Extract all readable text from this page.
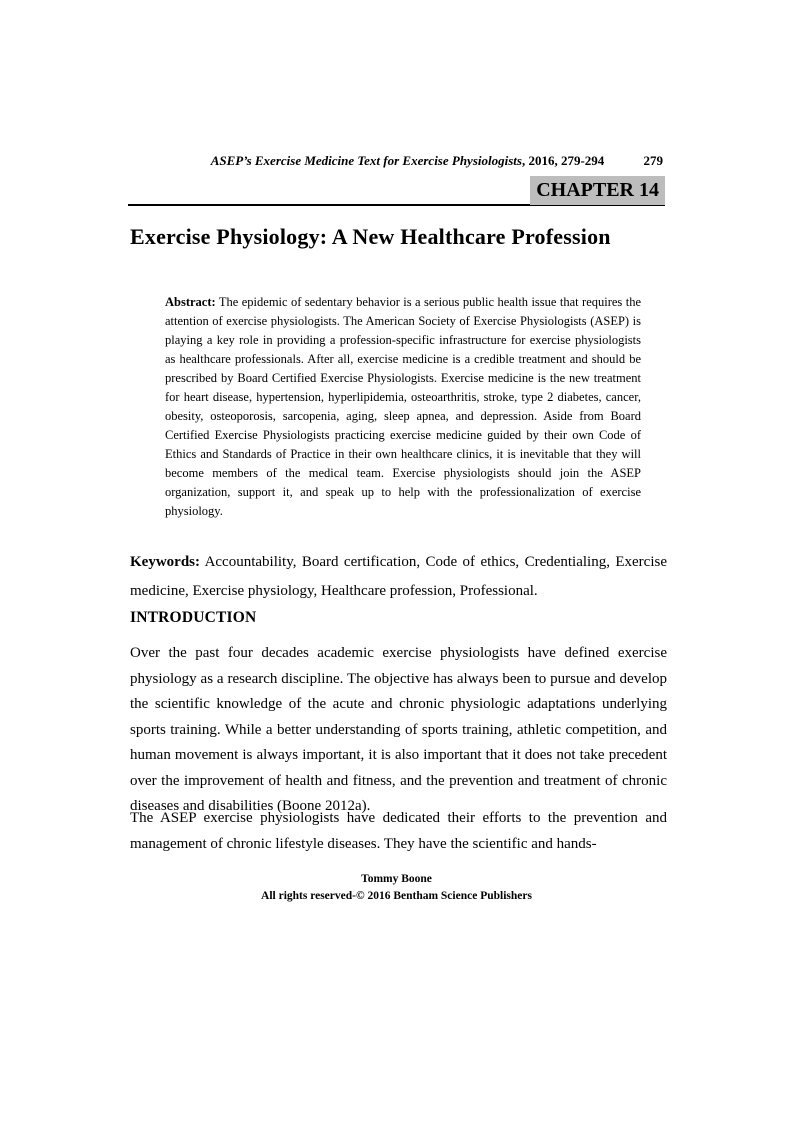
ASEP’s Exercise Medicine Text for Exercise Physiologists, 2016, 279-294	279
CHAPTER 14
Exercise Physiology: A New Healthcare Profession

Abstract: The epidemic of sedentary behavior is a serious public health issue that requires the attention of exercise physiologists. The American Society of Exercise Physiologists (ASEP) is playing a key role in providing a profession-specific infrastructure for exercise physiologists as healthcare professionals. After all, exercise medicine is a credible treatment and should be prescribed by Board Certified Exercise Physiologists. Exercise medicine is the new treatment for heart disease, hypertension, hyperlipidemia, osteoarthritis, stroke, type 2 diabetes, cancer, obesity, osteoporosis, sarcopenia, aging, sleep apnea, and depression. Aside from Board Certified Exercise Physiologists practicing exercise medicine guided by their own Code of Ethics and Standards of Practice in their own healthcare clinics, it is inevitable that they will become members of the medical team. Exercise physiologists should join the ASEP organization, support it, and speak up to help with the professionalization of exercise physiology.

Keywords: Accountability, Board certification, Code of ethics, Credentialing, Exercise medicine, Exercise physiology, Healthcare profession, Professional.

INTRODUCTION

Over the past four decades academic exercise physiologists have defined exercise physiology as a research discipline. The objective has always been to pursue and develop the scientific knowledge of the acute and chronic physiologic adaptations underlying sports training. While a better understanding of sports training, athletic competition, and human movement is always important, it is also important that it does not take precedent over the improvement of health and fitness, and the prevention and treatment of chronic diseases and disabilities (Boone 2012a).

The ASEP exercise physiologists have dedicated their efforts to the prevention and management of chronic lifestyle diseases. They have the scientific and hands-

Tommy Boone
All rights reserved-© 2016 Bentham Science Publishers
